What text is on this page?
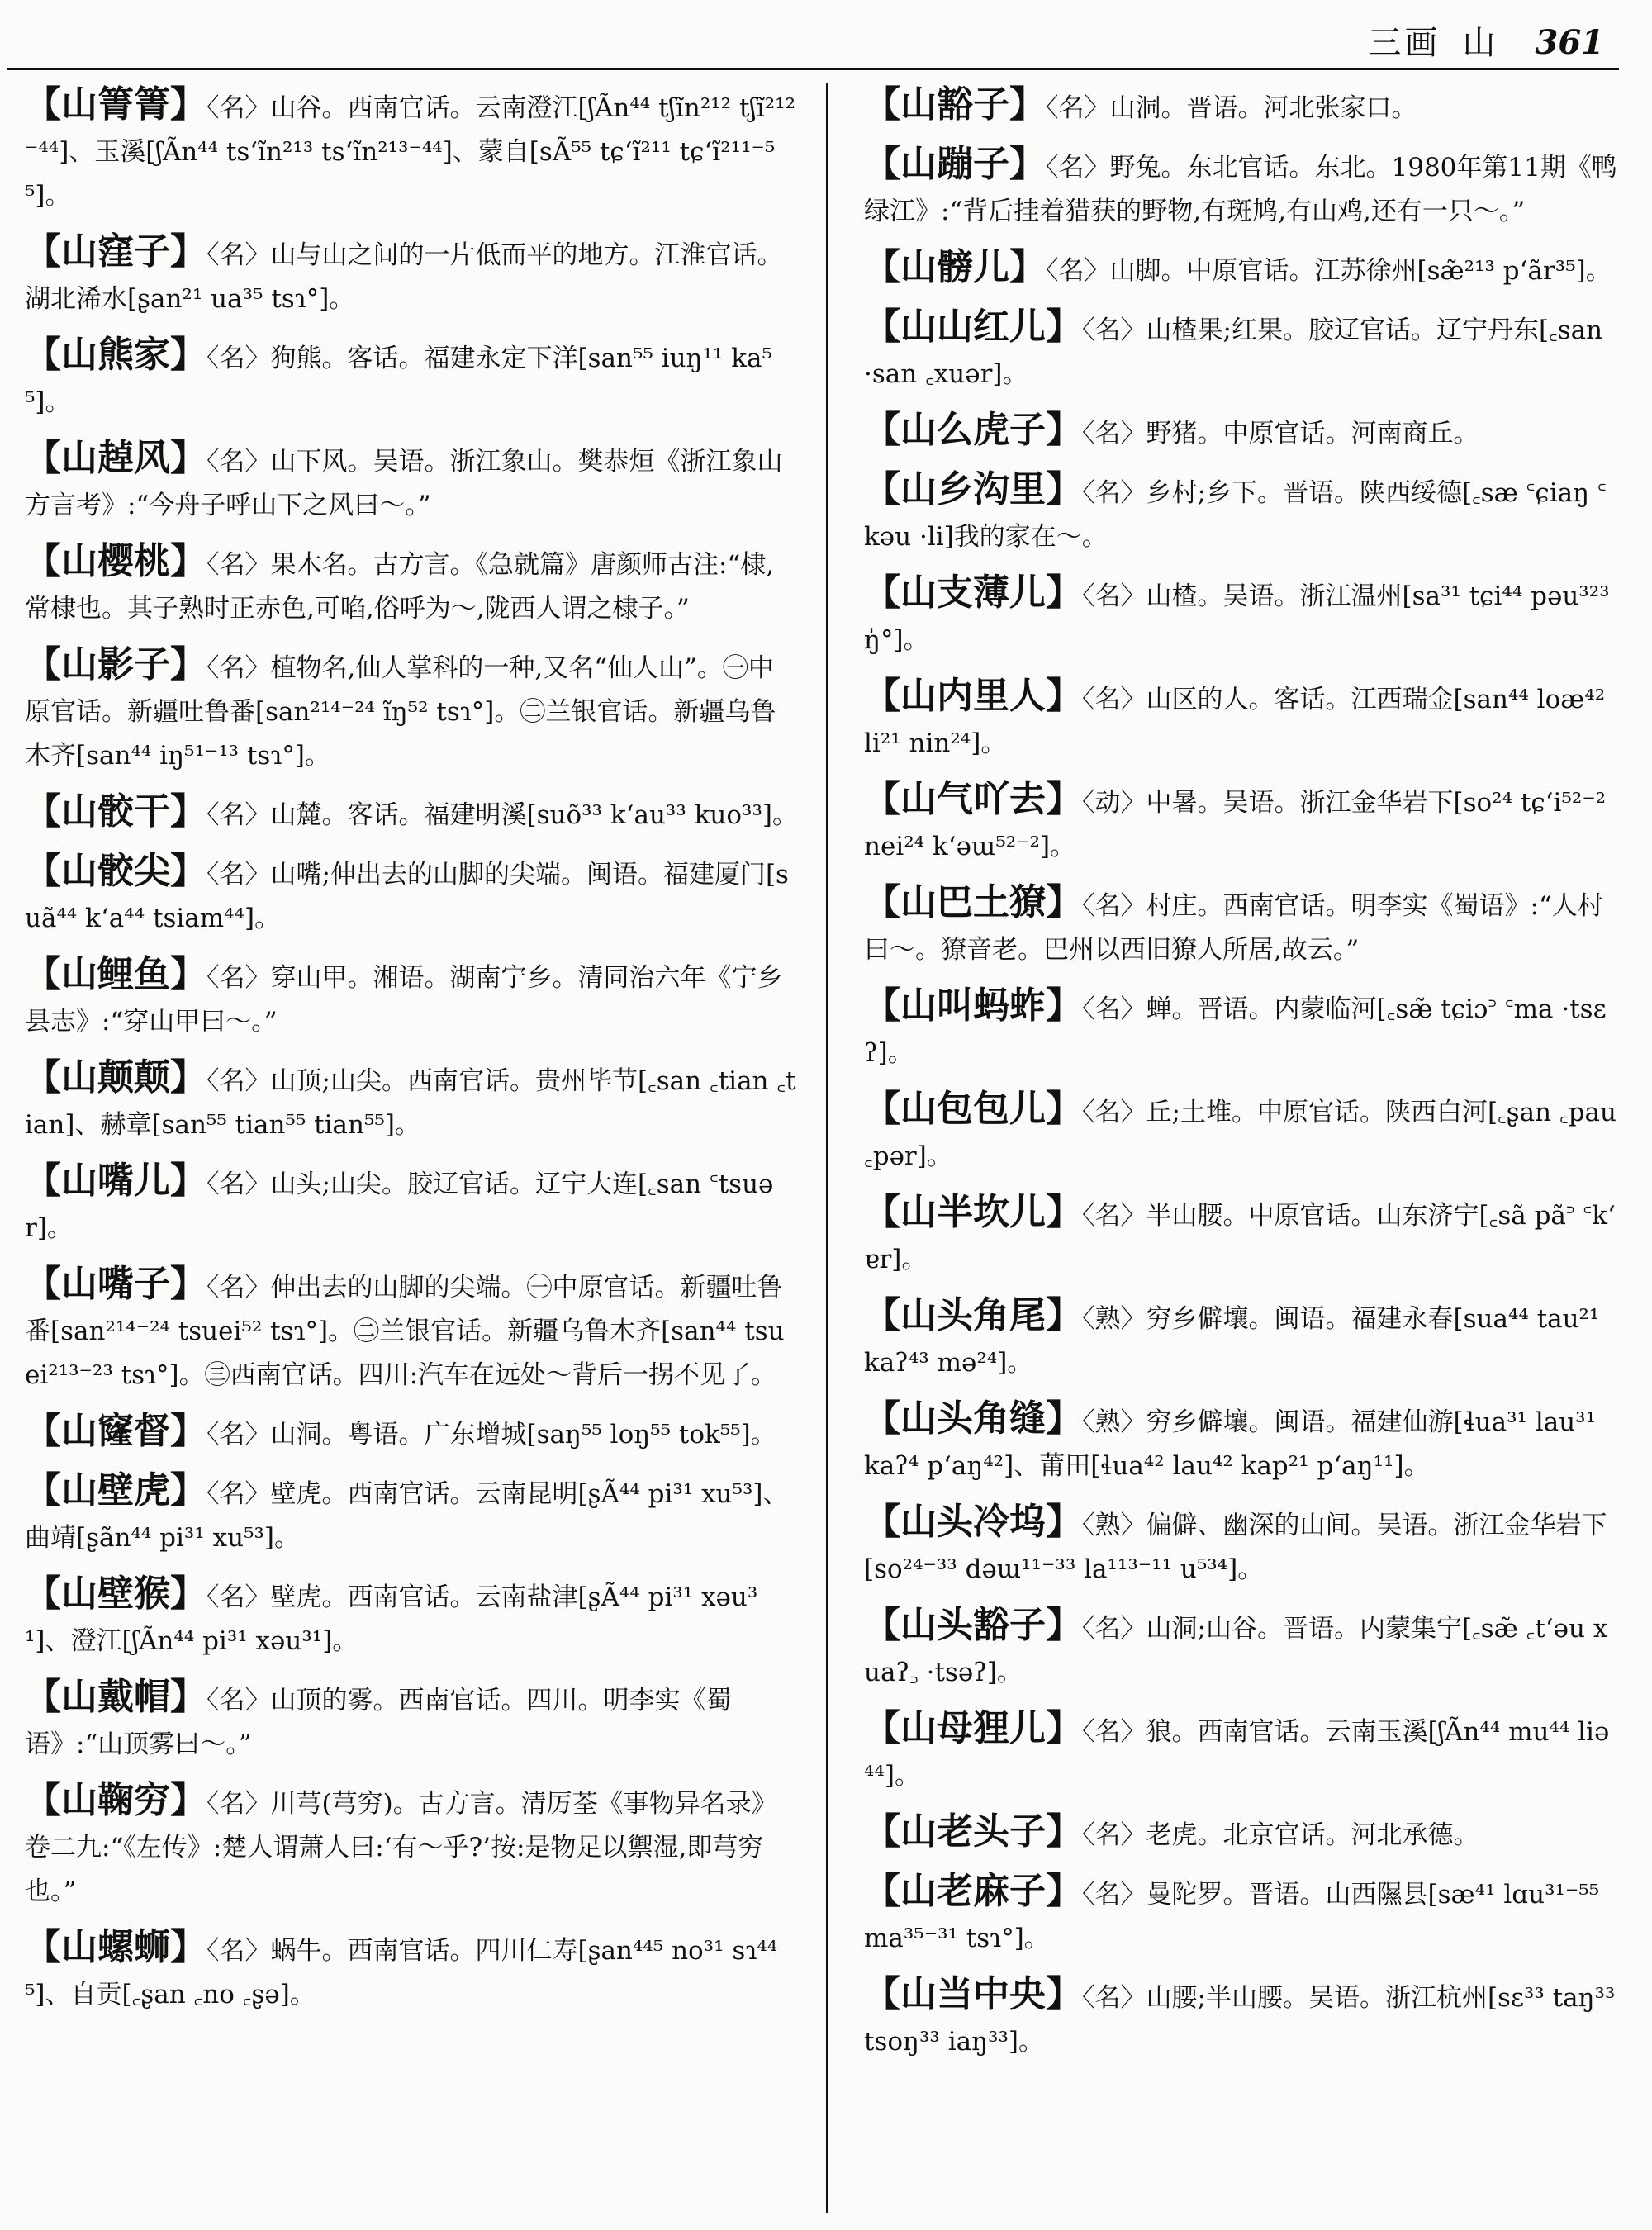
三画 山 361

【山箐箐】〈名〉山谷。西南官话。云南澄江[ʃÃn⁴⁴ tʃĩn²¹² tʃĩ²¹²⁻⁴⁴]、玉溪[ʃÃn⁴⁴ tsʻĩn²¹³ tsʻĩn²¹³⁻⁴⁴]、蒙自[sÃ⁵⁵ tɕʻĩ²¹¹ tɕʻĩ²¹¹⁻⁵⁵]。

【山窪子】〈名〉山与山之间的一片低而平的地方。江淮官话。湖北浠水[ʂan²¹ ua³⁵ tsɿ°]。

【山熊家】〈名〉狗熊。客话。福建永定下洋[san⁵⁵ iuŋ¹¹ ka⁵⁵]。

【山趠风】〈名〉山下风。吴语。浙江象山。樊恭烜《浙江象山方言考》:“今舟子呼山下之风曰～。”

【山樱桃】〈名〉果木名。古方言。《急就篇》唐颜师古注:“棣,常棣也。其子熟时正赤色,可啗,俗呼为～,陇西人谓之棣子。”

【山影子】〈名〉植物名,仙人掌科的一种,又名“仙人山”。㊀中原官话。新疆吐鲁番[san²¹⁴⁻²⁴ ĩŋ⁵² tsɿ°]。㊁兰银官话。新疆乌鲁木齐[san⁴⁴ iŋ⁵¹⁻¹³ tsɿ°]。

【山骹干】〈名〉山麓。客话。福建明溪[suõ³³ kʻau³³ kuo³³]。

【山骹尖】〈名〉山嘴;伸出去的山脚的尖端。闽语。福建厦门[suã⁴⁴ kʻa⁴⁴ tsiam⁴⁴]。

【山鲤鱼】〈名〉穿山甲。湘语。湖南宁乡。清同治六年《宁乡县志》:“穿山甲曰～。”

【山颠颠】〈名〉山顶;山尖。西南官话。贵州毕节[꜀san ꜀tian ꜀tian]、赫章[san⁵⁵ tian⁵⁵ tian⁵⁵]。

【山嘴儿】〈名〉山头;山尖。胶辽官话。辽宁大连[꜀san ꜂tsuər]。

【山嘴子】〈名〉伸出去的山脚的尖端。㊀中原官话。新疆吐鲁番[san²¹⁴⁻²⁴ tsuei⁵² tsɿ°]。㊁兰银官话。新疆乌鲁木齐[san⁴⁴ tsuei²¹³⁻²³ tsɿ°]。㊂西南官话。四川:汽车在远处～背后一拐不见了。

【山窿督】〈名〉山洞。粤语。广东增城[saŋ⁵⁵ loŋ⁵⁵ tok⁵⁵]。

【山壁虎】〈名〉壁虎。西南官话。云南昆明[ʂÃ⁴⁴ pi³¹ xu⁵³]、曲靖[ʂãn⁴⁴ pi³¹ xu⁵³]。

【山壁猴】〈名〉壁虎。西南官话。云南盐津[ʂÃ⁴⁴ pi³¹ xəu³¹]、澄江[ʃÃn⁴⁴ pi³¹ xəu³¹]。

【山戴帽】〈名〉山顶的雾。西南官话。四川。明李实《蜀语》:“山顶雾曰～。”

【山鞠穷】〈名〉川芎(芎穷)。古方言。清厉荃《事物异名录》卷二九:“《左传》:楚人谓萧人曰:‘有～乎?’按:是物足以禦湿,即芎穷也。”

【山螺蛳】〈名〉蜗牛。西南官话。四川仁寿[ʂan⁴⁴⁵ no³¹ sɿ⁴⁴⁵]、自贡[꜀ʂan ꜀no ꜀ʂə]。

【山豁子】〈名〉山洞。晋语。河北张家口。

【山蹦子】〈名〉野兔。东北官话。东北。1980年第11期《鸭绿江》:“背后挂着猎获的野物,有斑鸠,有山鸡,还有一只～。”

【山髈儿】〈名〉山脚。中原官话。江苏徐州[sæ̃²¹³ pʻãr³⁵]。

【山山红儿】〈名〉山楂果;红果。胶辽官话。辽宁丹东[꜀san ·san ꜀xuər]。

【山么虎子】〈名〉野猪。中原官话。河南商丘。

【山乡沟里】〈名〉乡村;乡下。晋语。陕西绥德[꜀sæ ꜂ɕiaŋ ꜂kəu ·li]我的家在～。

【山支薄儿】〈名〉山楂。吴语。浙江温州[sa³¹ tɕi⁴⁴ pəu³²³ ŋ̍°]。

【山内里人】〈名〉山区的人。客话。江西瑞金[san⁴⁴ loæ⁴² li²¹ nin²⁴]。

【山气吖去】〈动〉中暑。吴语。浙江金华岩下[so²⁴ tɕʻi⁵²⁻² nei²⁴ kʻəɯ⁵²⁻²]。

【山巴土獠】〈名〉村庄。西南官话。明李实《蜀语》:“人村曰～。獠音老。巴州以西旧獠人所居,故云。”

【山叫蚂蚱】〈名〉蝉。晋语。内蒙临河[꜀sæ̃ tɕiɔ꜄ ꜂ma ·tsɛʔ]。

【山包包儿】〈名〉丘;土堆。中原官话。陕西白河[꜀ʂan ꜀pau ꜀pər]。

【山半坎儿】〈名〉半山腰。中原官话。山东济宁[꜀sã pã꜄ ꜂kʻɐr]。

【山头角尾】〈熟〉穷乡僻壤。闽语。福建永春[sua⁴⁴ tau²¹ kaʔ⁴³ mə²⁴]。

【山头角缝】〈熟〉穷乡僻壤。闽语。福建仙游[ɬua³¹ lau³¹ kaʔ⁴ pʻaŋ⁴²]、莆田[ɬua⁴² lau⁴² kap²¹ pʻaŋ¹¹]。

【山头冷坞】〈熟〉偏僻、幽深的山间。吴语。浙江金华岩下[so²⁴⁻³³ dəɯ¹¹⁻³³ la¹¹³⁻¹¹ u⁵³⁴]。

【山头豁子】〈名〉山洞;山谷。晋语。内蒙集宁[꜀sæ̃ ꜀tʻəu xuaʔ꜆ ·tsəʔ]。

【山母狸儿】〈名〉狼。西南官话。云南玉溪[ʃÃn⁴⁴ mu⁴⁴ liə⁴⁴]。

【山老头子】〈名〉老虎。北京官话。河北承德。

【山老麻子】〈名〉曼陀罗。晋语。山西隰县[sæ⁴¹ lɑu³¹⁻⁵⁵ ma³⁵⁻³¹ tsɿ°]。

【山当中央】〈名〉山腰;半山腰。吴语。浙江杭州[sɛ³³ taŋ³³ tsoŋ³³ iaŋ³³]。
